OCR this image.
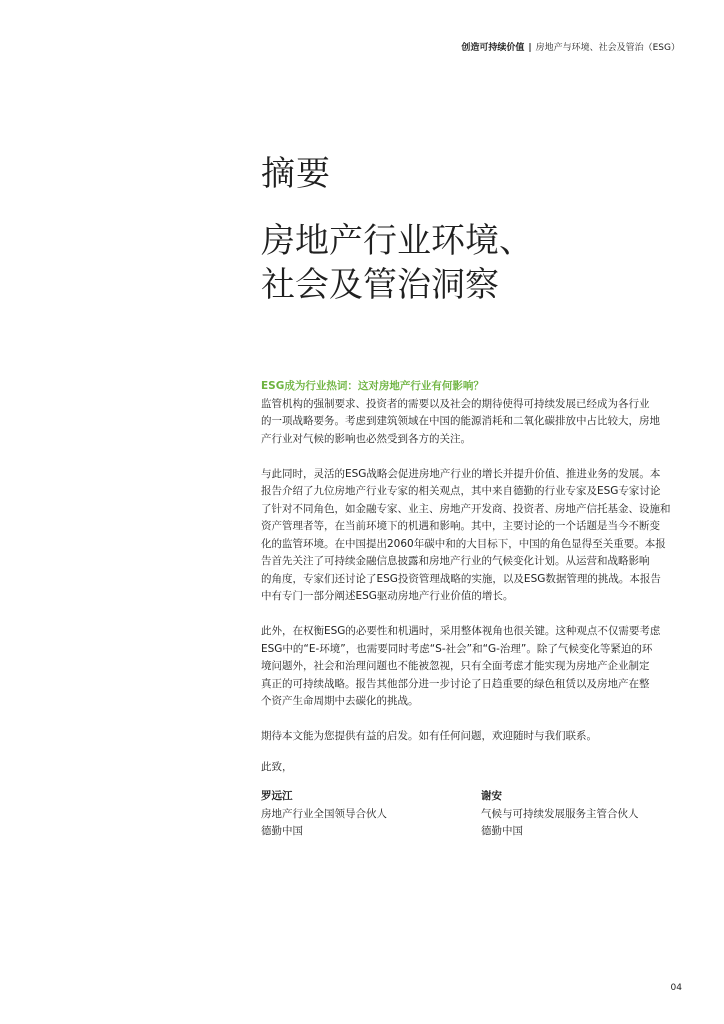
创造可持续价值 | 房地产与环境、社会及管治（ESG）
摘要
房地产行业环境、
社会及管治洞察
ESG成为行业热词：这对房地产行业有何影响？
监管机构的强制要求、投资者的需要以及社会的期待使得可持续发展已经成为各行业
的一项战略要务。考虑到建筑领域在中国的能源消耗和二氧化碳排放中占比较大，房地
产行业对气候的影响也必然受到各方的关注。
与此同时，灵活的ESG战略会促进房地产行业的增长并提升价值、推进业务的发展。本
报告介绍了九位房地产行业专家的相关观点，其中来自德勤的行业专家及ESG专家讨论
了针对不同角色，如金融专家、业主、房地产开发商、投资者、房地产信托基金、设施和
资产管理者等，在当前环境下的机遇和影响。其中，主要讨论的一个话题是当今不断变
化的监管环境。在中国提出2060年碳中和的大目标下，中国的角色显得至关重要。本报
告首先关注了可持续金融信息披露和房地产行业的气候变化计划。从运营和战略影响
的角度，专家们还讨论了ESG投资管理战略的实施，以及ESG数据管理的挑战。本报告
中有专门一部分阐述ESG驱动房地产行业价值的增长。
此外，在权衡ESG的必要性和机遇时，采用整体视角也很关键。这种观点不仅需要考虑
ESG中的“E-环境”，也需要同时考虑“S-社会”和“G-治理”。除了气候变化等紧迫的环
境问题外，社会和治理问题也不能被忽视，只有全面考虑才能实现为房地产企业制定
真正的可持续战略。报告其他部分进一步讨论了日趋重要的绿色租赁以及房地产在整
个资产生命周期中去碳化的挑战。
期待本文能为您提供有益的启发。如有任何问题，欢迎随时与我们联系。
此致，
罗远江
房地产行业全国领导合伙人
德勤中国
谢安
气候与可持续发展服务主管合伙人
德勤中国
04
